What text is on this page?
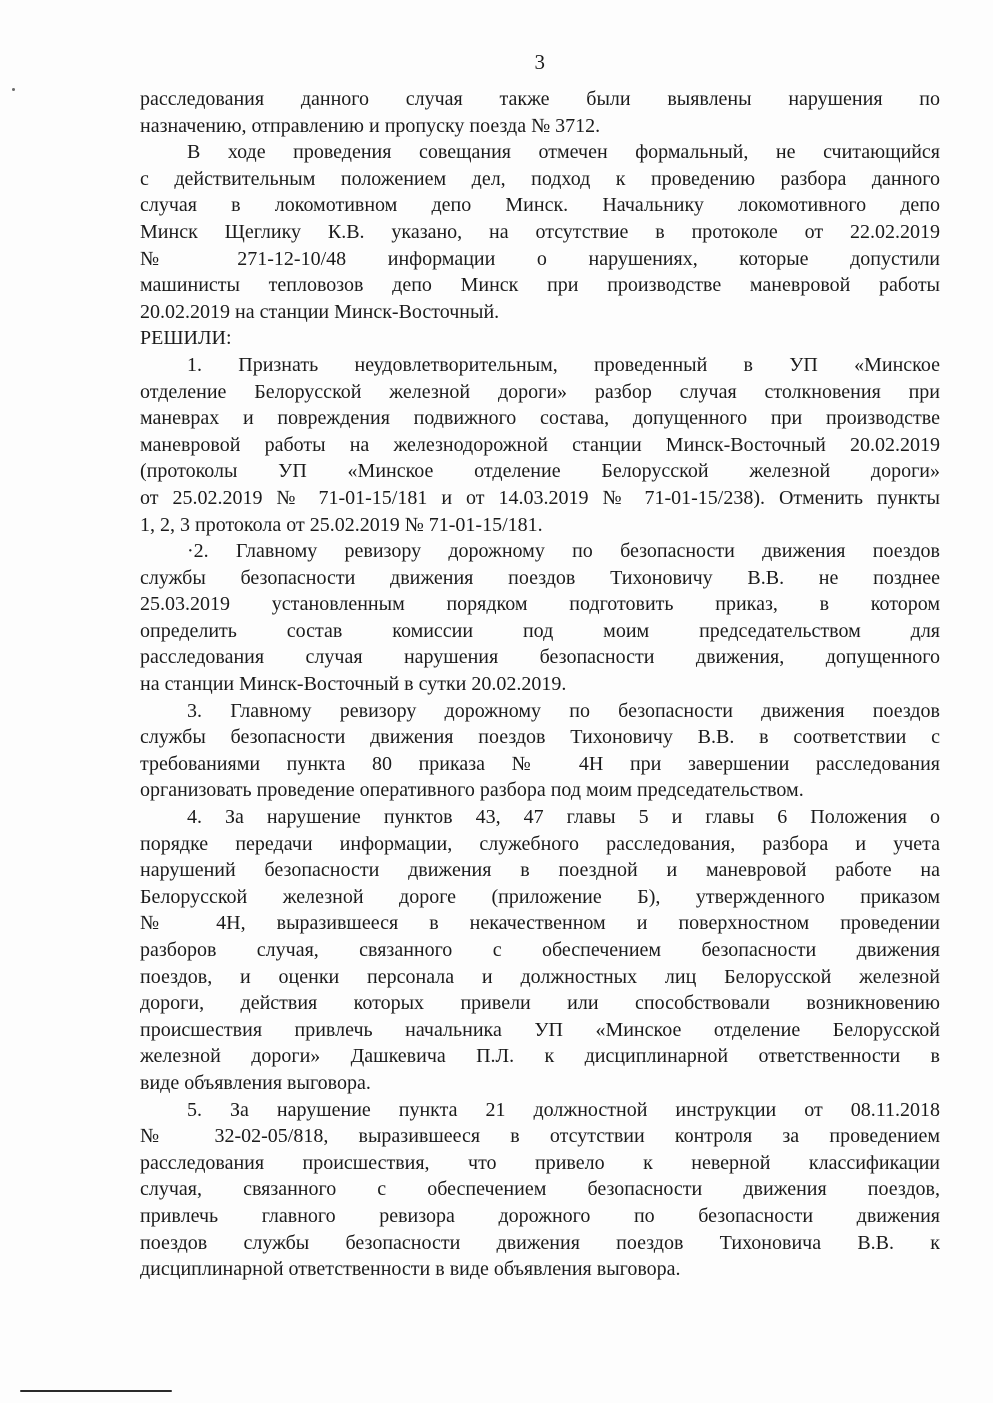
3
расследования данного случая также были выявлены нарушения по
назначению, отправлению и пропуску поезда № 3712.
В ходе проведения совещания отмечен формальный, не считающийся
с действительным положением дел, подход к проведению разбора данного
случая в локомотивном депо Минск. Начальнику локомотивного депо
Минск Щеглику К.В. указано, на отсутствие в протоколе от 22.02.2019
№ 271-12-10/48 информации о нарушениях, которые допустили
машинисты тепловозов депо Минск при производстве маневровой работы
20.02.2019 на станции Минск-Восточный.
РЕШИЛИ:
1. Признать неудовлетворительным, проведенный в УП «Минское
отделение Белорусской железной дороги» разбор случая столкновения при
маневрах и повреждения подвижного состава, допущенного при производстве
маневровой работы на железнодорожной станции Минск-Восточный 20.02.2019
(протоколы УП «Минское отделение Белорусской железной дороги»
от 25.02.2019 № 71-01-15/181 и от 14.03.2019 № 71-01-15/238). Отменить пункты
1, 2, 3 протокола от 25.02.2019 № 71-01-15/181.
·2. Главному ревизору дорожному по безопасности движения поездов
службы безопасности движения поездов Тихоновичу В.В. не позднее
25.03.2019 установленным порядком подготовить приказ, в котором
определить состав комиссии под моим председательством для
расследования случая нарушения безопасности движения, допущенного
на станции Минск-Восточный в сутки 20.02.2019.
3. Главному ревизору дорожному по безопасности движения поездов
службы безопасности движения поездов Тихоновичу В.В. в соответствии с
требованиями пункта 80 приказа № 4Н при завершении расследования
организовать проведение оперативного разбора под моим председательством.
4. За нарушение пунктов 43, 47 главы 5 и главы 6 Положения о
порядке передачи информации, служебного расследования, разбора и учета
нарушений безопасности движения в поездной и маневровой работе на
Белорусской железной дороге (приложение Б), утвержденного приказом
№ 4Н, выразившееся в некачественном и поверхностном проведении
разборов случая, связанного с обеспечением безопасности движения
поездов, и оценки персонала и должностных лиц Белорусской железной
дороги, действия которых привели или способствовали возникновению
происшествия привлечь начальника УП «Минское отделение Белорусской
железной дороги» Дашкевича П.Л. к дисциплинарной ответственности в
виде объявления выговора.
5. За нарушение пункта 21 должностной инструкции от 08.11.2018
№ 32-02-05/818, выразившееся в отсутствии контроля за проведением
расследования происшествия, что привело к неверной классификации
случая, связанного с обеспечением безопасности движения поездов,
привлечь главного ревизора дорожного по безопасности движения
поездов службы безопасности движения поездов Тихоновича В.В. к
дисциплинарной ответственности в виде объявления выговора.
